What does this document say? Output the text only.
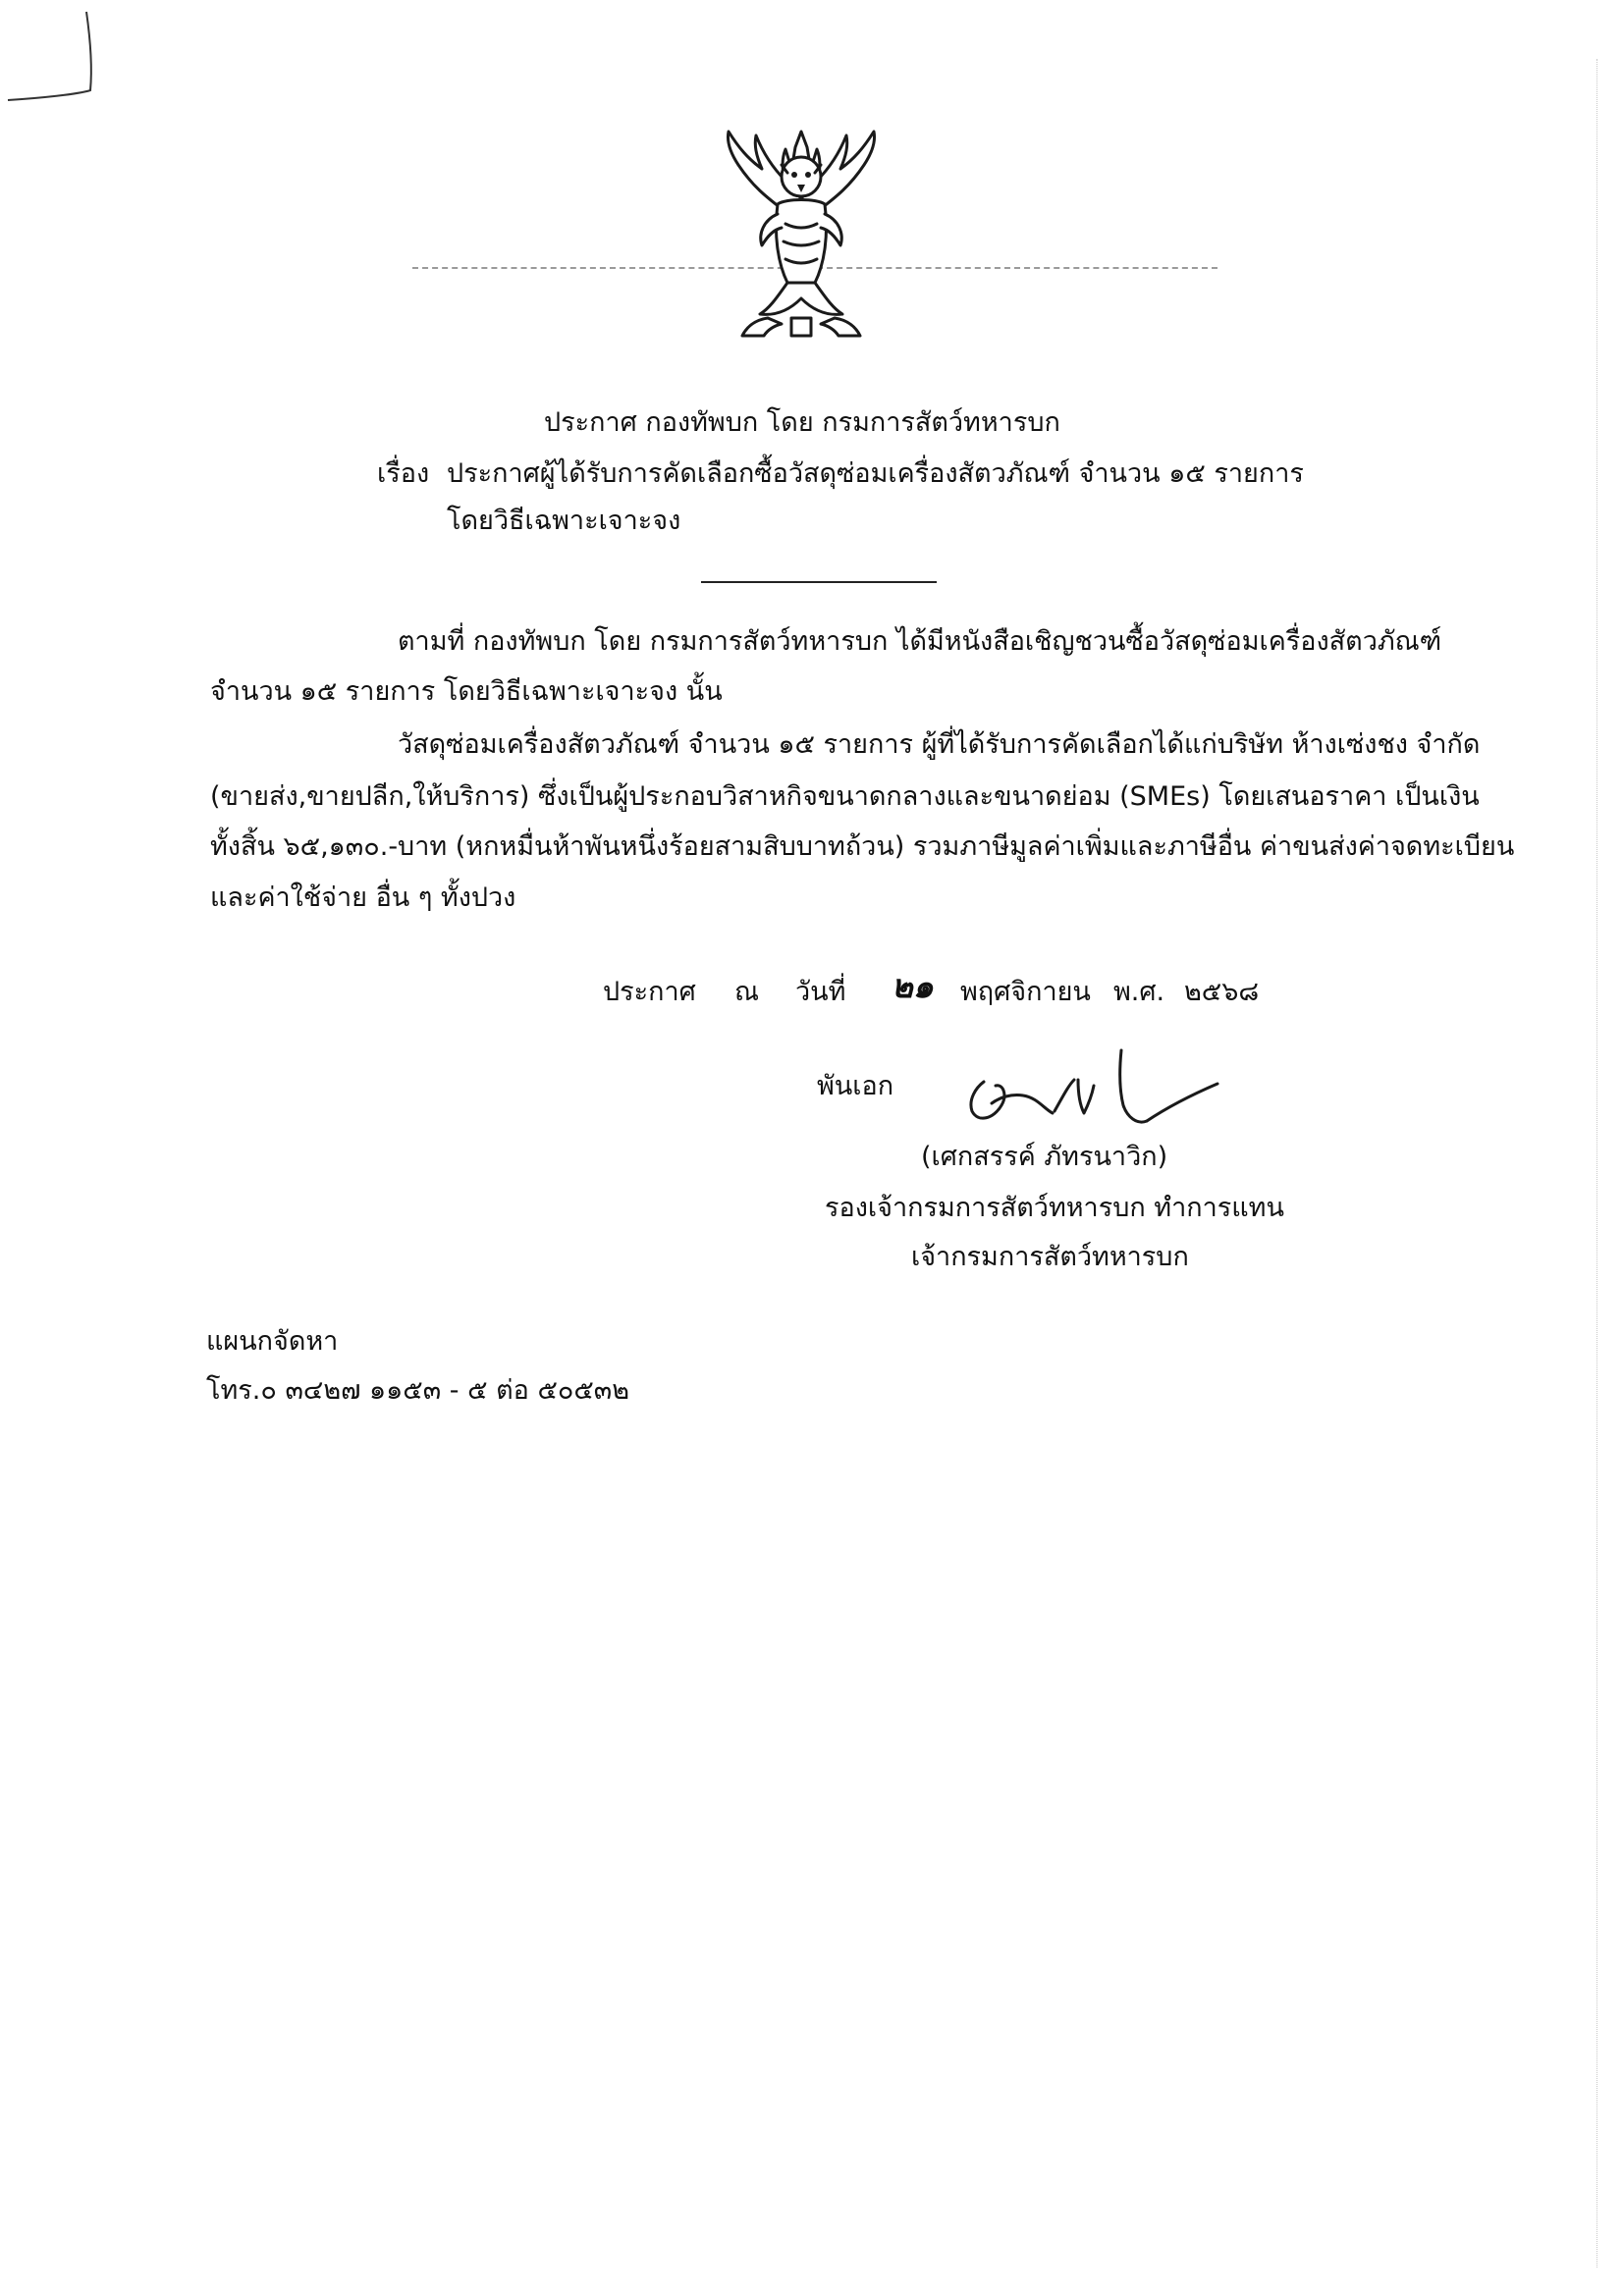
ประกาศ กองทัพบก โดย กรมการสัตว์ทหารบก
เรื่อง ประกาศผู้ได้รับการคัดเลือกซื้อวัสดุซ่อมเครื่องสัตวภัณฑ์ จำนวน ๑๕ รายการ
โดยวิธีเฉพาะเจาะจง
ตามที่ กองทัพบก โดย กรมการสัตว์ทหารบก ได้มีหนังสือเชิญชวนซื้อวัสดุซ่อมเครื่องสัตวภัณฑ์
จำนวน ๑๕ รายการ โดยวิธีเฉพาะเจาะจง นั้น
วัสดุซ่อมเครื่องสัตวภัณฑ์ จำนวน ๑๕ รายการ ผู้ที่ได้รับการคัดเลือกได้แก่บริษัท ห้างเซ่งชง จำกัด
(ขายส่ง,ขายปลีก,ให้บริการ) ซึ่งเป็นผู้ประกอบวิสาหกิจขนาดกลางและขนาดย่อม (SMEs) โดยเสนอราคา เป็นเงิน
ทั้งสิ้น ๖๕,๑๓๐.-บาท (หกหมื่นห้าพันหนึ่งร้อยสามสิบบาทถ้วน) รวมภาษีมูลค่าเพิ่มและภาษีอื่น ค่าขนส่งค่าจดทะเบียน
และค่าใช้จ่าย อื่น ๆ ทั้งปวง
ประกาศ ณ วันที่ ๒๑ พฤศจิกายน พ.ศ. ๒๕๖๘
พันเอก
(เศกสรรค์ ภัทรนาวิก)
รองเจ้ากรมการสัตว์ทหารบก ทำการแทน
เจ้ากรมการสัตว์ทหารบก
แผนกจัดหา
โทร.๐ ๓๔๒๗ ๑๑๕๓ - ๕ ต่อ ๕๐๕๓๒
